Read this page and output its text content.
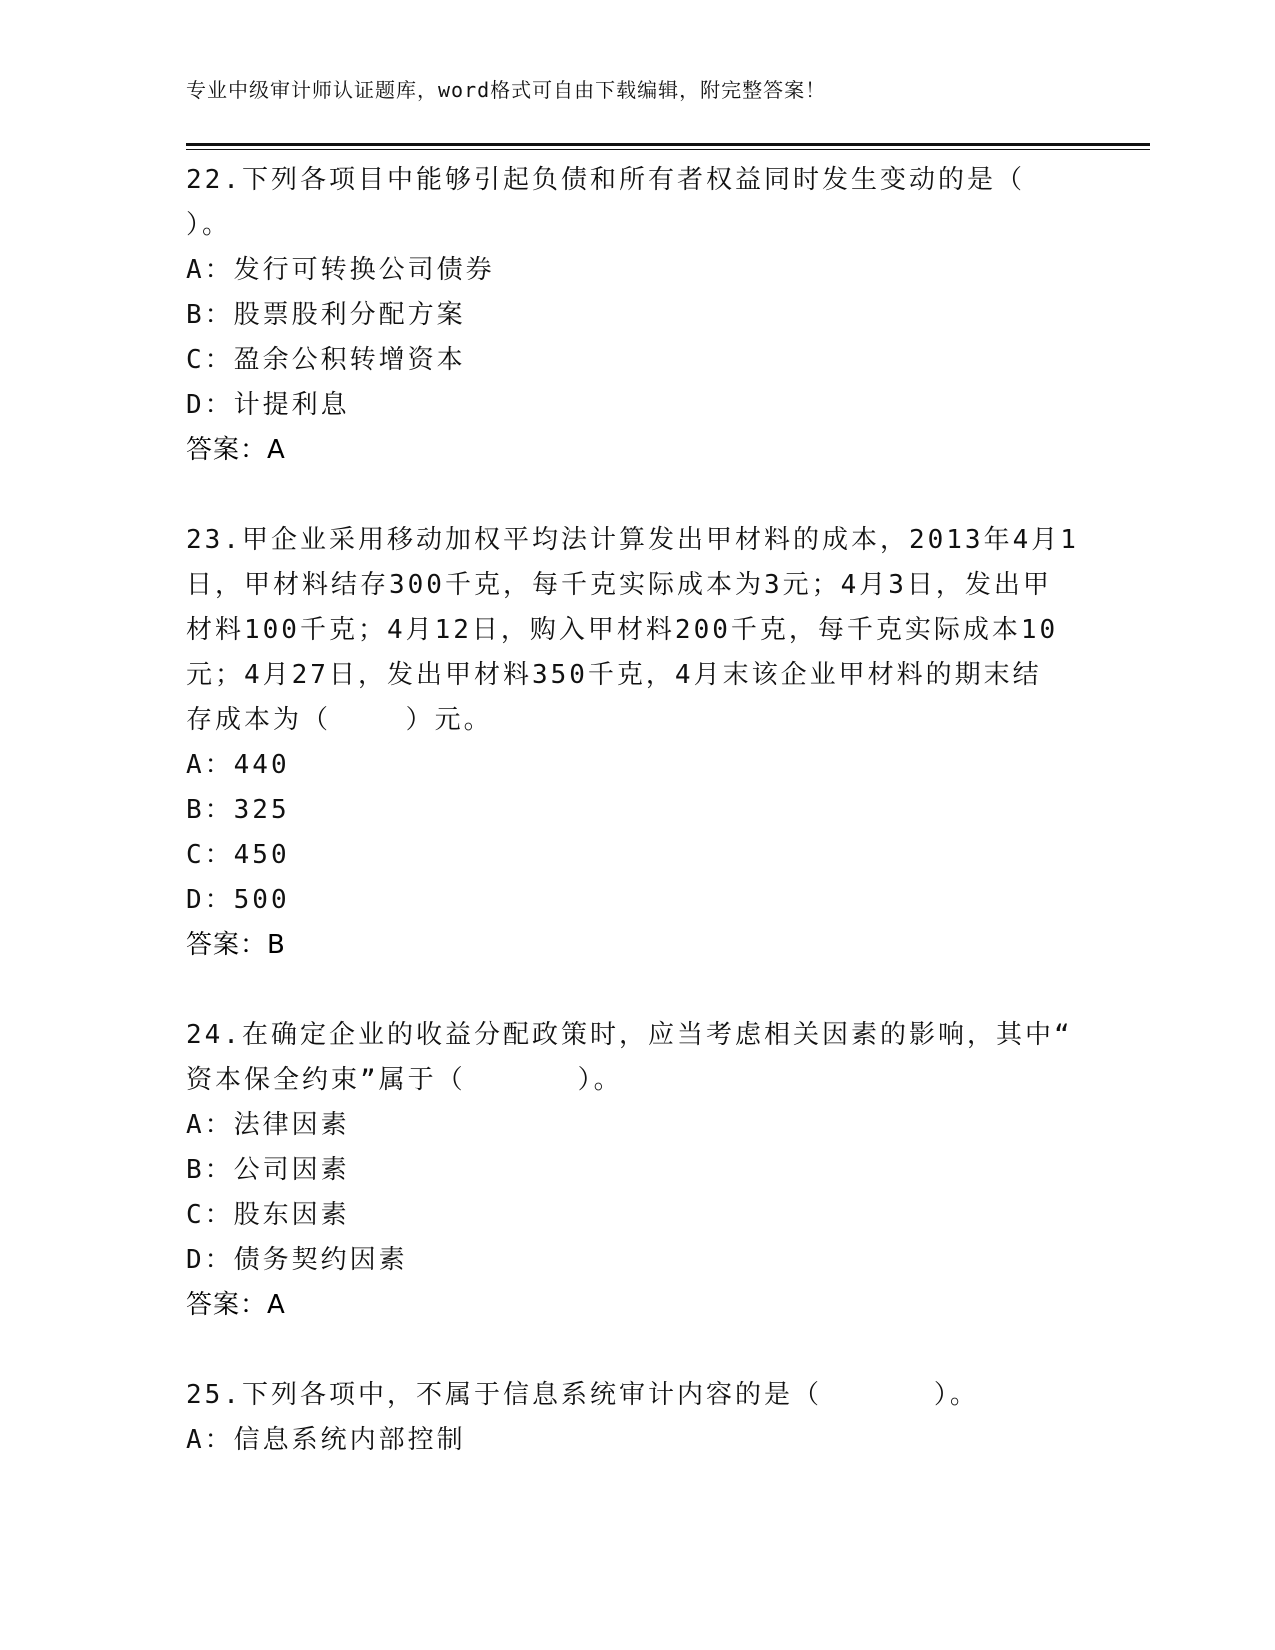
专业中级审计师认证题库，word格式可自由下载编辑，附完整答案！

22.下列各项目中能够引起负债和所有者权益同时发生变动的是（

）。

A：发行可转换公司债券

B：股票股利分配方案

C：盈余公积转增资本

D：计提利息

答案：A

23.甲企业采用移动加权平均法计算发出甲材料的成本，2013年4月1

日，甲材料结存300千克，每千克实际成本为3元；4月3日，发出甲

材料100千克；4月12日，购入甲材料200千克，每千克实际成本10

元；4月27日，发出甲材料350千克，4月末该企业甲材料的期末结

存成本为（    ）元。

A：440

B：325

C：450

D：500

答案：B

24.在确定企业的收益分配政策时，应当考虑相关因素的影响，其中“

资本保全约束”属于（      ）。

A：法律因素

B：公司因素

C：股东因素

D：债务契约因素

答案：A

25.下列各项中，不属于信息系统审计内容的是（      ）。

A：信息系统内部控制
